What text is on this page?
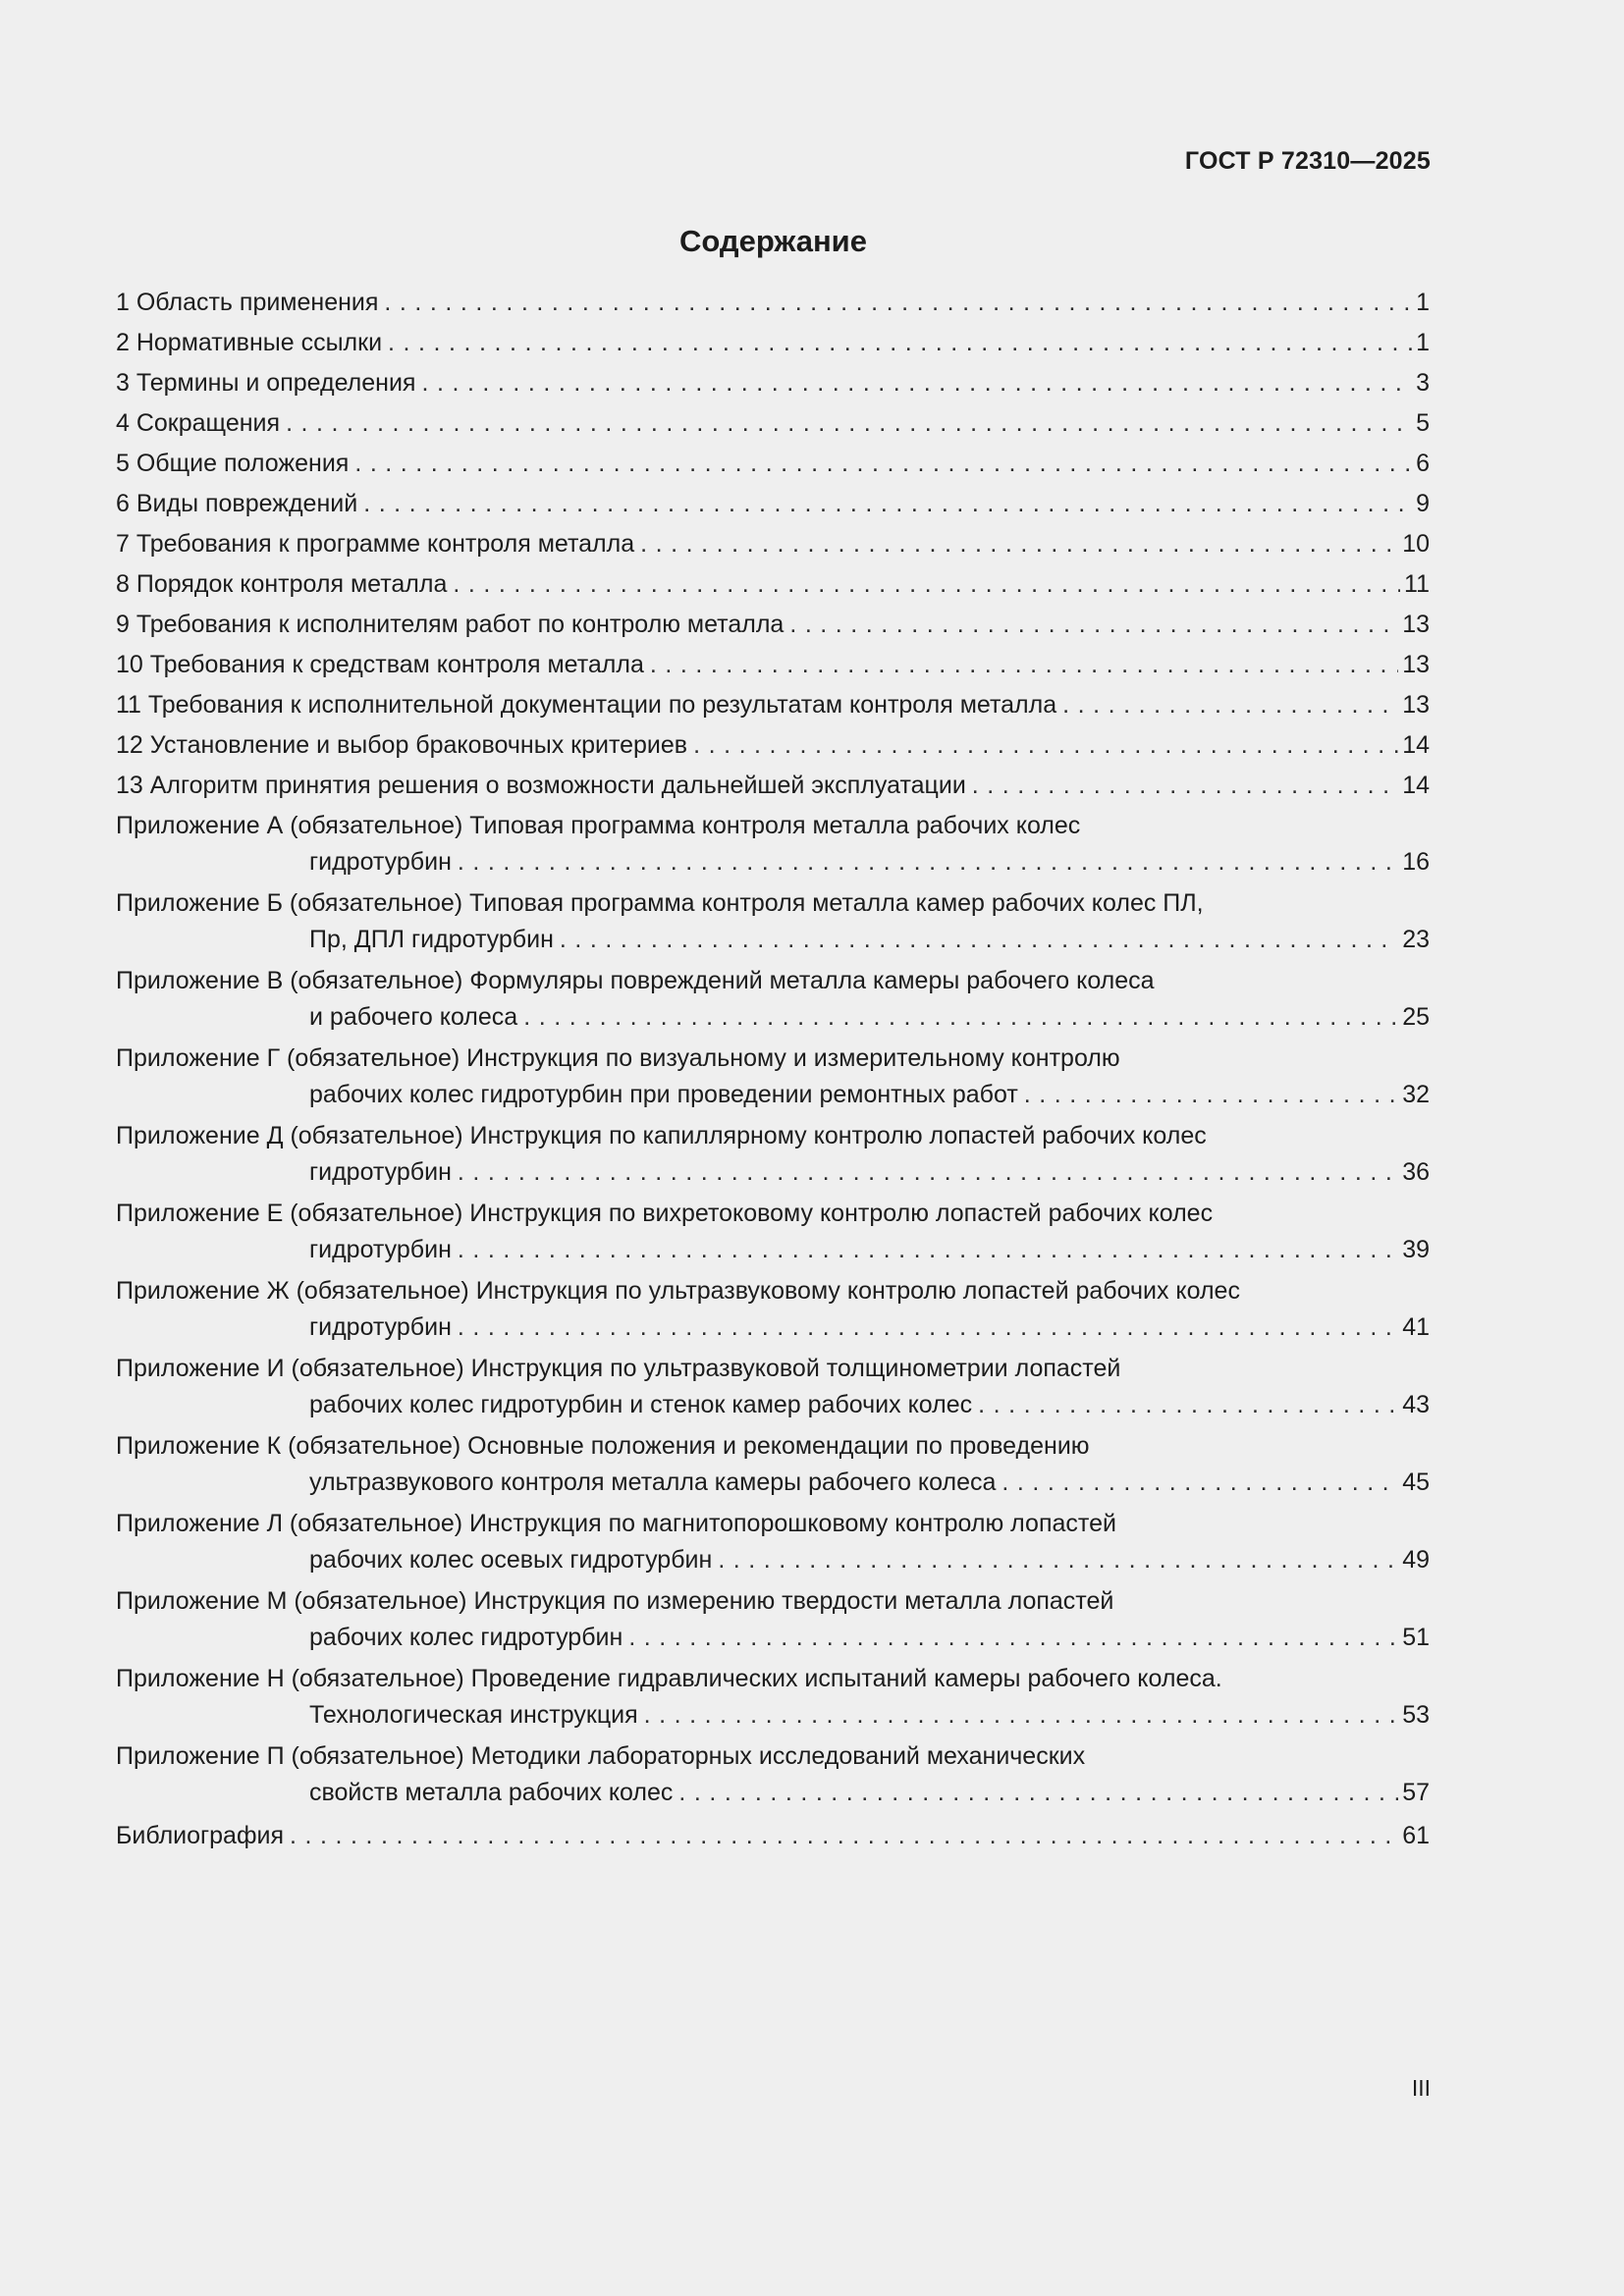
ГОСТ Р 72310—2025
Содержание
1 Область применения . . .	1
2 Нормативные ссылки . . .	1
3 Термины и определения . . .	3
4 Сокращения . . .	5
5 Общие положения . . .	6
6 Виды повреждений . . .	9
7 Требования к программе контроля металла . . .	10
8 Порядок контроля металла . . .	11
9 Требования к исполнителям работ по контролю металла . . .	13
10 Требования к средствам контроля металла . . .	13
11 Требования к исполнительной документации по результатам контроля металла . . .	13
12 Установление и выбор браковочных критериев . . .	14
13 Алгоритм принятия решения о возможности дальнейшей эксплуатации . . .	14
Приложение А (обязательное) Типовая программа контроля металла рабочих колес
гидротурбин . . .	16
Приложение Б (обязательное) Типовая программа контроля металла камер рабочих колес ПЛ,
Пр, ДПЛ гидротурбин . . .	23
Приложение В (обязательное) Формуляры повреждений металла камеры рабочего колеса
и рабочего колеса . . .	25
Приложение Г (обязательное) Инструкция по визуальному и измерительному контролю
рабочих колес гидротурбин при проведении ремонтных работ . . .	32
Приложение Д (обязательное) Инструкция по капиллярному контролю лопастей рабочих колес
гидротурбин . . .	36
Приложение Е (обязательное) Инструкция по вихретоковому контролю лопастей рабочих колес
гидротурбин . . .	39
Приложение Ж (обязательное) Инструкция по ультразвуковому контролю лопастей рабочих колес
гидротурбин . . .	41
Приложение И (обязательное) Инструкция по ультразвуковой толщинометрии лопастей
рабочих колес гидротурбин и стенок камер рабочих колес . . .	43
Приложение К (обязательное) Основные положения и рекомендации по проведению
ультразвукового контроля металла камеры рабочего колеса . . .	45
Приложение Л (обязательное) Инструкция по магнитопорошковому контролю лопастей
рабочих колес осевых гидротурбин . . .	49
Приложение М (обязательное) Инструкция по измерению твердости металла лопастей
рабочих колес гидротурбин . . .	51
Приложение Н (обязательное) Проведение гидравлических испытаний камеры рабочего колеса.
Технологическая инструкция . . .	53
Приложение П (обязательное) Методики лабораторных исследований механических
свойств металла рабочих колес . . .	57
Библиография . . .	61
III
